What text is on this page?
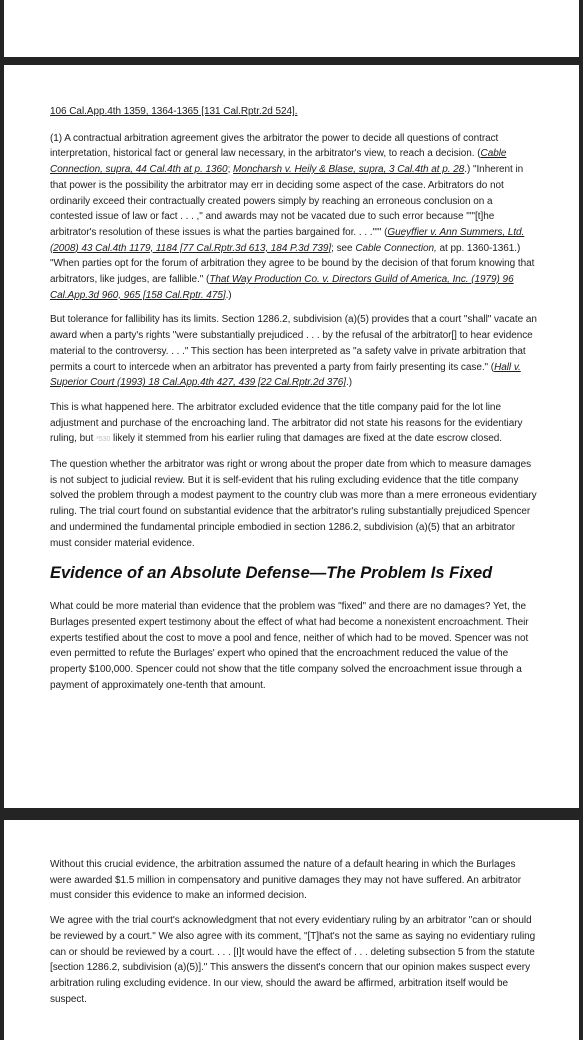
106 Cal.App.4th 1359, 1364-1365 [131 Cal.Rptr.2d 524].

(1) A contractual arbitration agreement gives the arbitrator the power to decide all questions of contract interpretation, historical fact or general law necessary, in the arbitrator's view, to reach a decision. (Cable Connection, supra, 44 Cal.4th at p. 1360; Moncharsh v. Heily & Blase, supra, 3 Cal.4th at p. 28.) "Inherent in that power is the possibility the arbitrator may err in deciding some aspect of the case. Arbitrators do not ordinarily exceed their contractually created powers simply by reaching an erroneous conclusion on a contested issue of law or fact . . . ," and awards may not be vacated due to such error because "'"[t]he arbitrator's resolution of these issues is what the parties bargained for. . . ."'" (Gueyffier v. Ann Summers, Ltd. (2008) 43 Cal.4th 1179, 1184 [77 Cal.Rptr.3d 613, 184 P.3d 739]; see Cable Connection, at pp. 1360-1361.) "When parties opt for the forum of arbitration they agree to be bound by the decision of that forum knowing that arbitrators, like judges, are fallible." (That Way Production Co. v. Directors Guild of America, Inc. (1979) 96 Cal.App.3d 960, 965 [158 Cal.Rptr. 475].)

But tolerance for fallibility has its limits. Section 1286.2, subdivision (a)(5) provides that a court "shall" vacate an award when a party's rights "were substantially prejudiced . . . by the refusal of the arbitrator[] to hear evidence material to the controversy. . . ." This section has been interpreted as "a safety valve in private arbitration that permits a court to intercede when an arbitrator has prevented a party from fairly presenting its case." (Hall v. Superior Court (1993) 18 Cal.App.4th 427, 439 [22 Cal.Rptr.2d 376].)

This is what happened here. The arbitrator excluded evidence that the title company paid for the lot line adjustment and purchase of the encroaching land. The arbitrator did not state his reasons for the evidentiary ruling, but *530 likely it stemmed from his earlier ruling that damages are fixed at the date escrow closed.

The question whether the arbitrator was right or wrong about the proper date from which to measure damages is not subject to judicial review. But it is self-evident that his ruling excluding evidence that the title company solved the problem through a modest payment to the country club was more than a mere erroneous evidentiary ruling. The trial court found on substantial evidence that the arbitrator's ruling substantially prejudiced Spencer and undermined the fundamental principle embodied in section 1286.2, subdivision (a)(5) that an arbitrator must consider material evidence.

Evidence of an Absolute Defense—The Problem Is Fixed

What could be more material than evidence that the problem was "fixed" and there are no damages? Yet, the Burlages presented expert testimony about the effect of what had become a nonexistent encroachment. Their experts testified about the cost to move a pool and fence, neither of which had to be moved. Spencer was not even permitted to refute the Burlages' expert who opined that the encroachment reduced the value of the property $100,000. Spencer could not show that the title company solved the encroachment issue through a payment of approximately one-tenth that amount.

Without this crucial evidence, the arbitration assumed the nature of a default hearing in which the Burlages were awarded $1.5 million in compensatory and punitive damages they may not have suffered. An arbitrator must consider this evidence to make an informed decision.

We agree with the trial court's acknowledgment that not every evidentiary ruling by an arbitrator "can or should be reviewed by a court." We also agree with its comment, "[T]hat's not the same as saying no evidentiary ruling can or should be reviewed by a court. . . . [I]t would have the effect of . . . deleting subsection 5 from the statute [section 1286.2, subdivision (a)(5)]." This answers the dissent's concern that our opinion makes suspect every arbitration ruling excluding evidence. In our view, should the award be affirmed, arbitration itself would be suspect.
